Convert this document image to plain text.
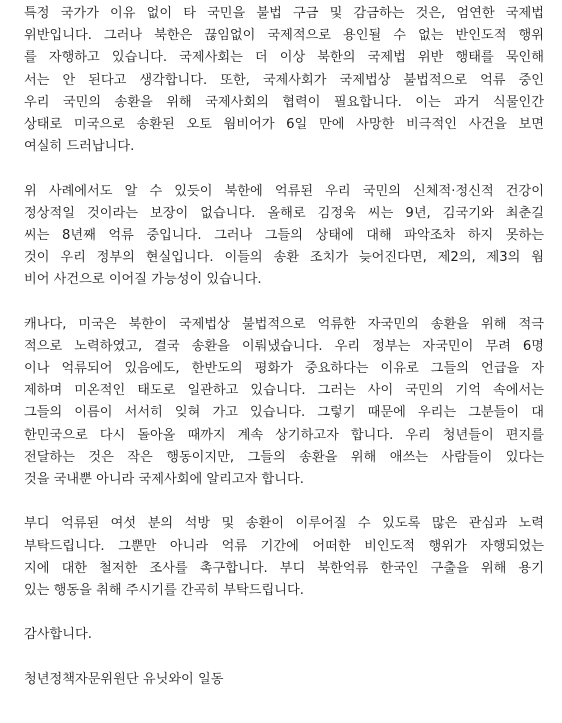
특정 국가가 이유 없이 타 국민을 불법 구금 및 감금하는 것은, 엄연한 국제법
위반입니다. 그러나 북한은 끊임없이 국제적으로 용인될 수 없는 반인도적 행위
를 자행하고 있습니다. 국제사회는 더 이상 북한의 국제법 위반 행태를 묵인해
서는 안 된다고 생각합니다. 또한, 국제사회가 국제법상 불법적으로 억류 중인
우리 국민의 송환을 위해 국제사회의 협력이 필요합니다. 이는 과거 식물인간
상태로 미국으로 송환된 오토 웜비어가 6일 만에 사망한 비극적인 사건을 보면
여실히 드러납니다.
위 사례에서도 알 수 있듯이 북한에 억류된 우리 국민의 신체적·정신적 건강이
정상적일 것이라는 보장이 없습니다. 올해로 김정욱 씨는 9년, 김국기와 최춘길
씨는 8년째 억류 중입니다. 그러나 그들의 상태에 대해 파악조차 하지 못하는
것이 우리 정부의 현실입니다. 이들의 송환 조치가 늦어진다면, 제2의, 제3의 웜
비어 사건으로 이어질 가능성이 있습니다.
캐나다, 미국은 북한이 국제법상 불법적으로 억류한 자국민의 송환을 위해 적극
적으로 노력하였고, 결국 송환을 이뤄냈습니다. 우리 정부는 자국민이 무려 6명
이나 억류되어 있음에도, 한반도의 평화가 중요하다는 이유로 그들의 언급을 자
제하며 미온적인 태도로 일관하고 있습니다. 그러는 사이 국민의 기억 속에서는
그들의 이름이 서서히 잊혀 가고 있습니다. 그렇기 때문에 우리는 그분들이 대
한민국으로 다시 돌아올 때까지 계속 상기하고자 합니다. 우리 청년들이 편지를
전달하는 것은 작은 행동이지만, 그들의 송환을 위해 애쓰는 사람들이 있다는
것을 국내뿐 아니라 국제사회에 알리고자 합니다.
부디 억류된 여섯 분의 석방 및 송환이 이루어질 수 있도록 많은 관심과 노력
부탁드립니다. 그뿐만 아니라 억류 기간에 어떠한 비인도적 행위가 자행되었는
지에 대한 철저한 조사를 촉구합니다. 부디 북한억류 한국인 구출을 위해 용기
있는 행동을 취해 주시기를 간곡히 부탁드립니다.
감사합니다.
청년정책자문위원단 유닛와이 일동
